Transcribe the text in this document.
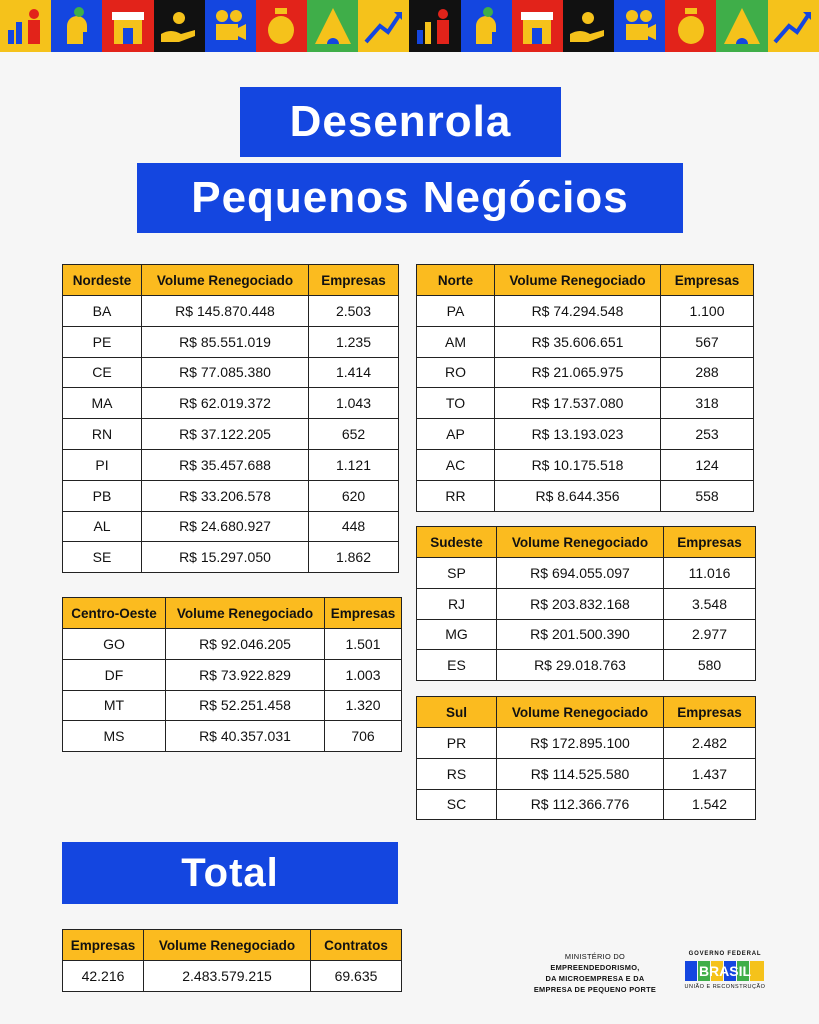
Desenrola
Pequenos Negócios
Nordeste	Volume Renegociado	Empresas
BA	R$ 145.870.448	2.503
PE	R$ 85.551.019	1.235
CE	R$ 77.085.380	1.414
MA	R$ 62.019.372	1.043
RN	R$ 37.122.205	652
PI	R$ 35.457.688	1.121
PB	R$ 33.206.578	620
AL	R$ 24.680.927	448
SE	R$ 15.297.050	1.862
Norte	Volume Renegociado	Empresas
PA	R$ 74.294.548	1.100
AM	R$ 35.606.651	567
RO	R$ 21.065.975	288
TO	R$ 17.537.080	318
AP	R$ 13.193.023	253
AC	R$ 10.175.518	124
RR	R$ 8.644.356	558
Sudeste	Volume Renegociado	Empresas
SP	R$ 694.055.097	11.016
RJ	R$ 203.832.168	3.548
MG	R$ 201.500.390	2.977
ES	R$ 29.018.763	580
Centro-Oeste	Volume Renegociado	Empresas
GO	R$ 92.046.205	1.501
DF	R$ 73.922.829	1.003
MT	R$ 52.251.458	1.320
MS	R$ 40.357.031	706
Sul	Volume Renegociado	Empresas
PR	R$ 172.895.100	2.482
RS	R$ 114.525.580	1.437
SC	R$ 112.366.776	1.542
Total
Empresas	Volume Renegociado	Contratos
42.216	2.483.579.215	69.635
MINISTÉRIO DO
EMPREENDEDORISMO,
DA MICROEMPRESA E DA
EMPRESA DE PEQUENO PORTE
GOVERNO FEDERAL
BRASIL
UNIÃO E RECONSTRUÇÃO
